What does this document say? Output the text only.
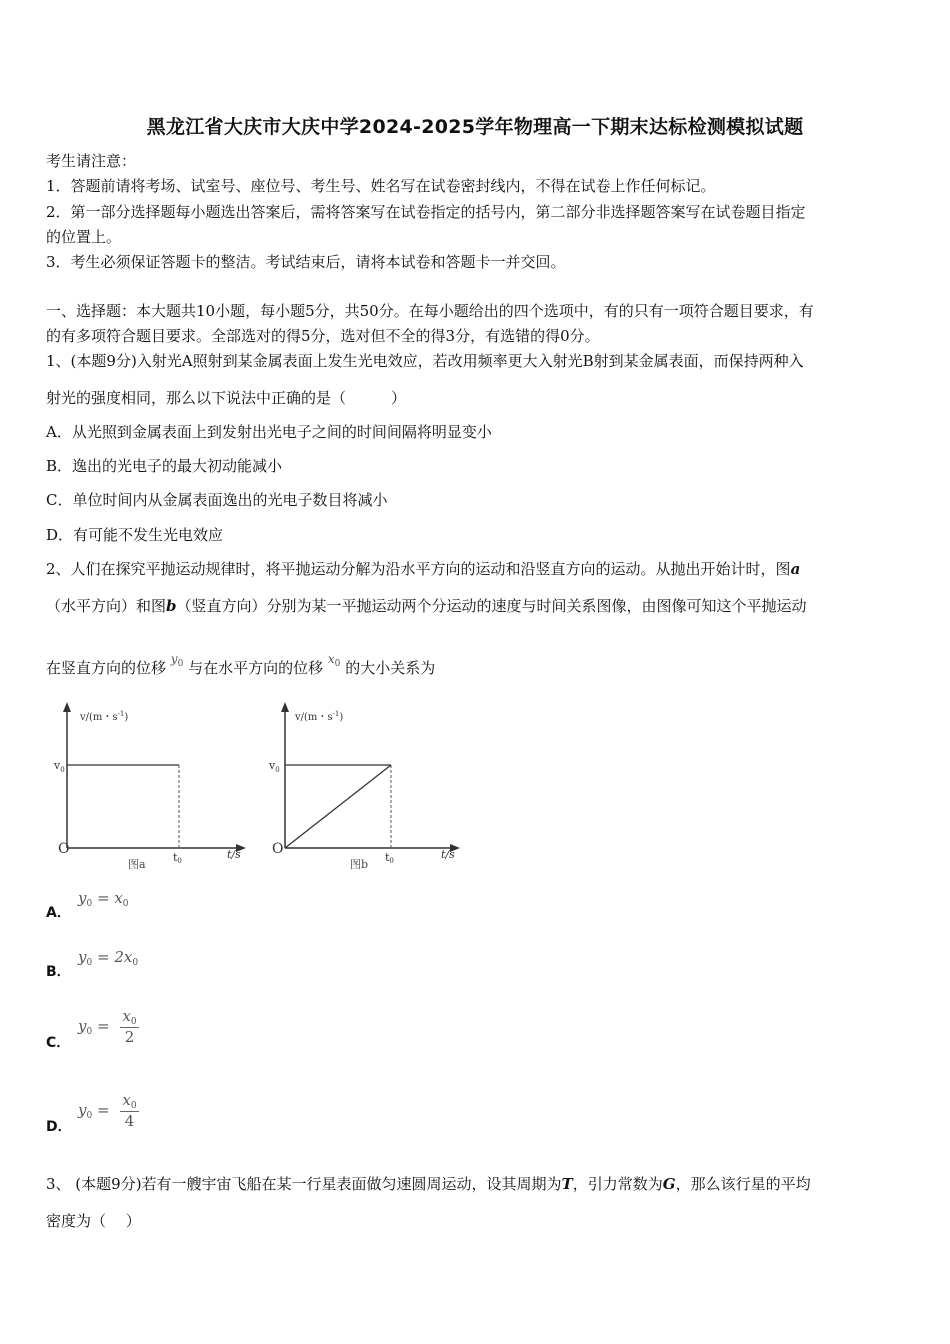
黑龙江省大庆市大庆中学2024-2025学年物理高一下期末达标检测模拟试题
考生请注意：
1．答题前请将考场、试室号、座位号、考生号、姓名写在试卷密封线内，不得在试卷上作任何标记。
2．第一部分选择题每小题选出答案后，需将答案写在试卷指定的括号内，第二部分非选择题答案写在试卷题目指定
的位置上。
3．考生必须保证答题卡的整洁。考试结束后，请将本试卷和答题卡一并交回。
一、选择题：本大题共10小题，每小题5分，共50分。在每小题给出的四个选项中，有的只有一项符合题目要求，有
的有多项符合题目要求。全部选对的得5分，选对但不全的得3分，有选错的得0分。
1、(本题9分)入射光A照射到某金属表面上发生光电效应，若改用频率更大入射光B射到某金属表面，而保持两种入
射光的强度相同，那么以下说法中正确的是（　　　）
A．从光照到金属表面上到发射出光电子之间的时间间隔将明显变小
B．逸出的光电子的最大初动能减小
C．单位时间内从金属表面逸出的光电子数目将减小
D．有可能不发生光电效应
2、人们在探究平抛运动规律时，将平抛运动分解为沿水平方向的运动和沿竖直方向的运动。从抛出开始计时，图a
（水平方向）和图b（竖直方向）分别为某一平抛运动两个分运动的速度与时间关系图像，由图像可知这个平抛运动
在竖直方向的位移 $^{y_0}$ 与在水平方向的位移 $^{x_0}$ 的大小关系为
v/(m・$s^{-1}$)
$v_0$
O
t0	t/s
图a
v/(m・$s^{-1}$)
$v_0$
O
t0	t/s
图b
A．
$y_0 = x_0$
B．
$y_0 = 2x_0$
C．
$y_0 = \frac{x_0}{2}$
D．
$y_0 = \frac{x_0}{4}$
3、 (本题9分)若有一艘宇宙飞船在某一行星表面做匀速圆周运动，设其周期为T，引力常数为G，那么该行星的平均
密度为（　 ）
